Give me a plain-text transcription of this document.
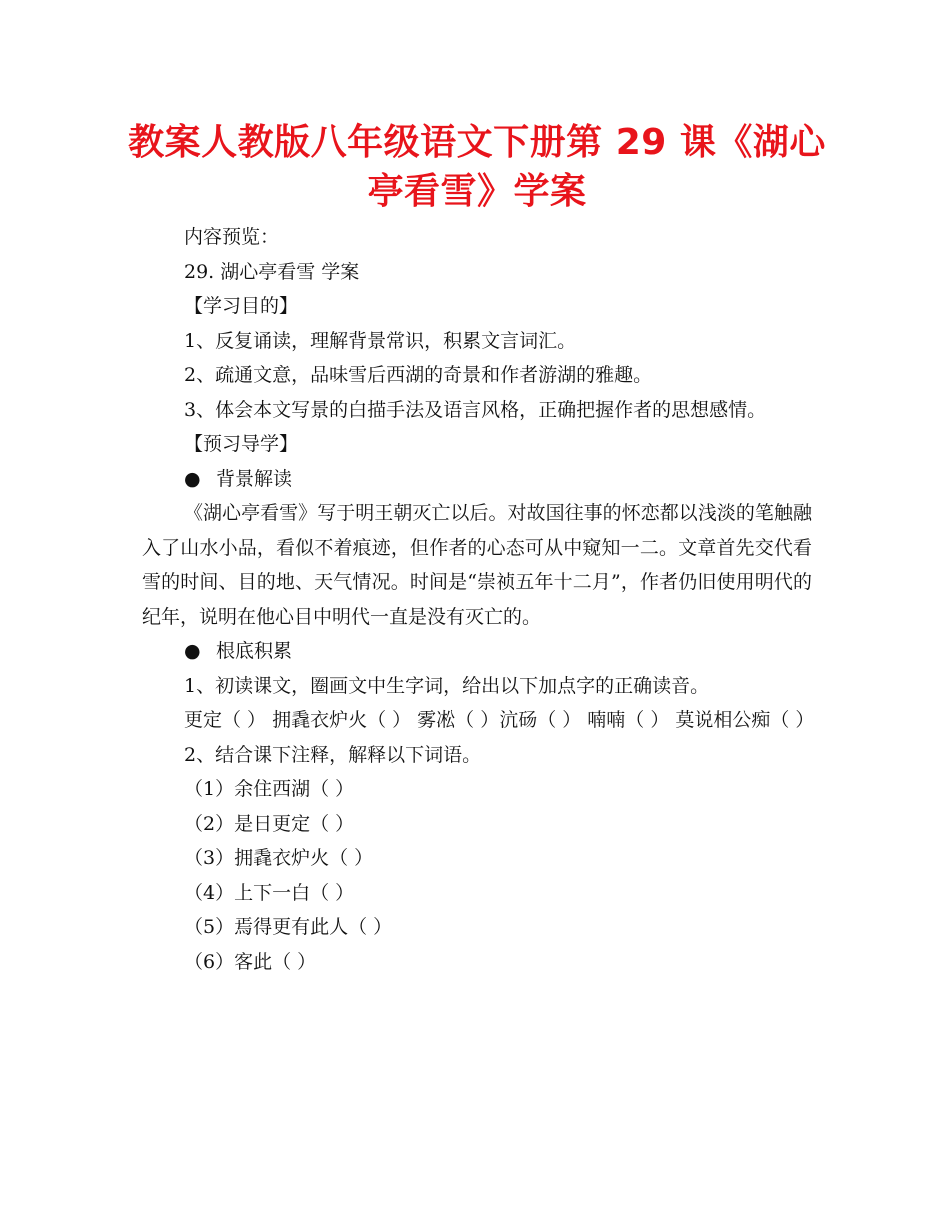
教案人教版八年级语文下册第 29 课《湖心亭看雪》学案

内容预览：

29. 湖心亭看雪 学案

【学习目的】

1、反复诵读，理解背景常识，积累文言词汇。

2、疏通文意，品味雪后西湖的奇景和作者游湖的雅趣。

3、体会本文写景的白描手法及语言风格，正确把握作者的思想感情。

【预习导学】

● 背景解读

《湖心亭看雪》写于明王朝灭亡以后。对故国往事的怀恋都以浅淡的笔触融入了山水小品，看似不着痕迹，但作者的心态可从中窥知一二。文章首先交代看雪的时间、目的地、天气情况。时间是“崇祯五年十二月”，作者仍旧使用明代的纪年，说明在他心目中明代一直是没有灭亡的。

● 根底积累

1、初读课文，圈画文中生字词，给出以下加点字的正确读音。

更定（ ） 拥毳衣炉火（ ） 雾凇（ ）沆砀（ ） 喃喃（ ） 莫说相公痴（ ）

2、结合课下注释，解释以下词语。

（1）余住西湖（ ）
（2）是日更定（ ）
（3）拥毳衣炉火（ ）
（4）上下一白（ ）
（5）焉得更有此人（ ）
（6）客此（ ）
